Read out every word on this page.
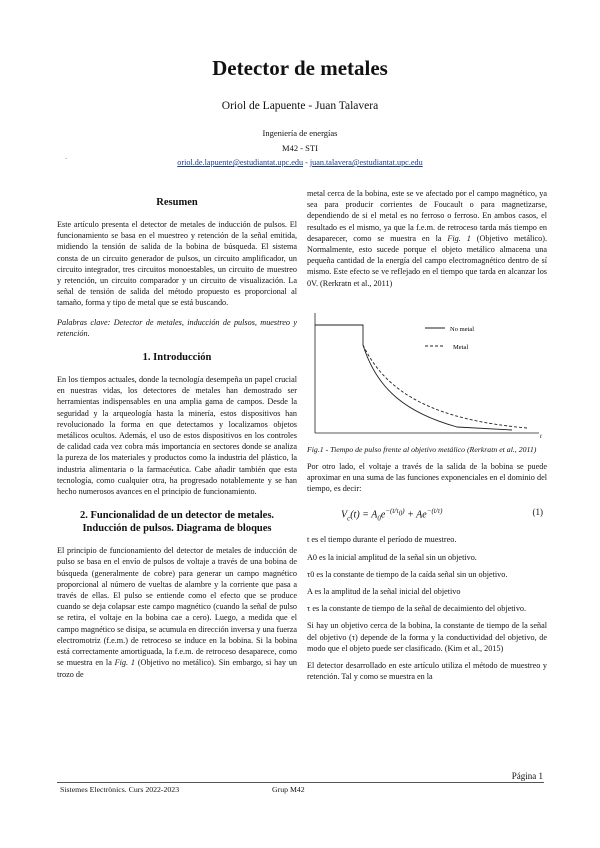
Detector de metales
Oriol de Lapuente - Juan Talavera
Ingeniería de energías
M42 - STI
.
oriol.de.lapuente@estudiantat.upc.edu - juan.talavera@estudiantat.upc.edu
Resumen

Este artículo presenta el detector de metales de inducción de pulsos. El funcionamiento se basa en el muestreo y retención de la señal emitida, midiendo la tensión de salida de la bobina de búsqueda. El sistema consta de un circuito generador de pulsos, un circuito amplificador, un circuito integrador, tres circuitos monoestables, un circuito de muestreo y retención, un circuito comparador y un circuito de visualización. La señal de tensión de salida del método propuesto es proporcional al tamaño, forma y tipo de metal que se está buscando.

Palabras clave: Detector de metales, inducción de pulsos, muestreo y retención.

1. Introducción

En los tiempos actuales, donde la tecnología desempeña un papel crucial en nuestras vidas, los detectores de metales han demostrado ser herramientas indispensables en una amplia gama de campos. Desde la seguridad y la arqueología hasta la minería, estos dispositivos han revolucionado la forma en que detectamos y localizamos objetos metálicos ocultos. Además, el uso de estos dispositivos en los controles de calidad cada vez cobra más importancia en sectores donde se analiza la pureza de los materiales y productos como la industria del plástico, la industria alimentaria o la farmacéutica. Cabe añadir también que esta tecnología, como cualquier otra, ha progresado notablemente y se han hecho numerosos avances en el principio de funcionamiento.

2. Funcionalidad de un detector de metales. Inducción de pulsos. Diagrama de bloques

El principio de funcionamiento del detector de metales de inducción de pulso se basa en el envío de pulsos de voltaje a través de una bobina de búsqueda (generalmente de cobre) para generar un campo magnético proporcional al número de vueltas de alambre y la corriente que pasa a través de ellas. El pulso se entiende como el efecto que se produce cuando se deja colapsar este campo magnético (cuando la señal de pulso se retira, el voltaje en la bobina cae a cero). Luego, a medida que el campo magnético se disipa, se acumula en dirección inversa y una fuerza electromotriz (f.e.m.) de retroceso se induce en la bobina. Si la bobina está correctamente amortiguada, la f.e.m. de retroceso desaparece, como se muestra en la Fig. 1 (Objetivo no metálico). Sin embargo, si hay un trozo de

metal cerca de la bobina, este se ve afectado por el campo magnético, ya sea para producir corrientes de Foucault o para magnetizarse, dependiendo de si el metal es no ferroso o ferroso. En ambos casos, el resultado es el mismo, ya que la f.e.m. de retroceso tarda más tiempo en desaparecer, como se muestra en la Fig. 1 (Objetivo metálico). Normalmente, esto sucede porque el objeto metálico almacena una pequeña cantidad de la energía del campo electromagnético dentro de sí mismo. Este efecto se ve reflejado en el tiempo que tarda en alcanzar los 0V. (Rerkratn et al., 2011)

No metal
Metal
t

Fig.1 - Tiempo de pulso frente al objetivo metálico (Rerkratn et al., 2011)

Por otro lado, el voltaje a través de la salida de la bobina se puede aproximar en una suma de las funciones exponenciales en el dominio del tiempo, es decir:

$V_c(t) = A_0e^{-(t/\tau_0)} + Ae^{-(t/\tau)}$	(1)

t es el tiempo durante el período de muestreo.

A0 es la inicial amplitud de la señal sin un objetivo.

τ0 es la constante de tiempo de la caída señal sin un objetivo.

A es la amplitud de la señal inicial del objetivo

τ es la constante de tiempo de la señal de decaimiento del objetivo.

Si hay un objetivo cerca de la bobina, la constante de tiempo de la señal del objetivo (τ) depende de la forma y la conductividad del objetivo, de modo que el objeto puede ser clasificado. (Kim et al., 2015)

El detector desarrollado en este artículo utiliza el método de muestreo y retención. Tal y como se muestra en la

Página 1
Sistemes Electrònics. Curs 2022-2023	Grup M42
